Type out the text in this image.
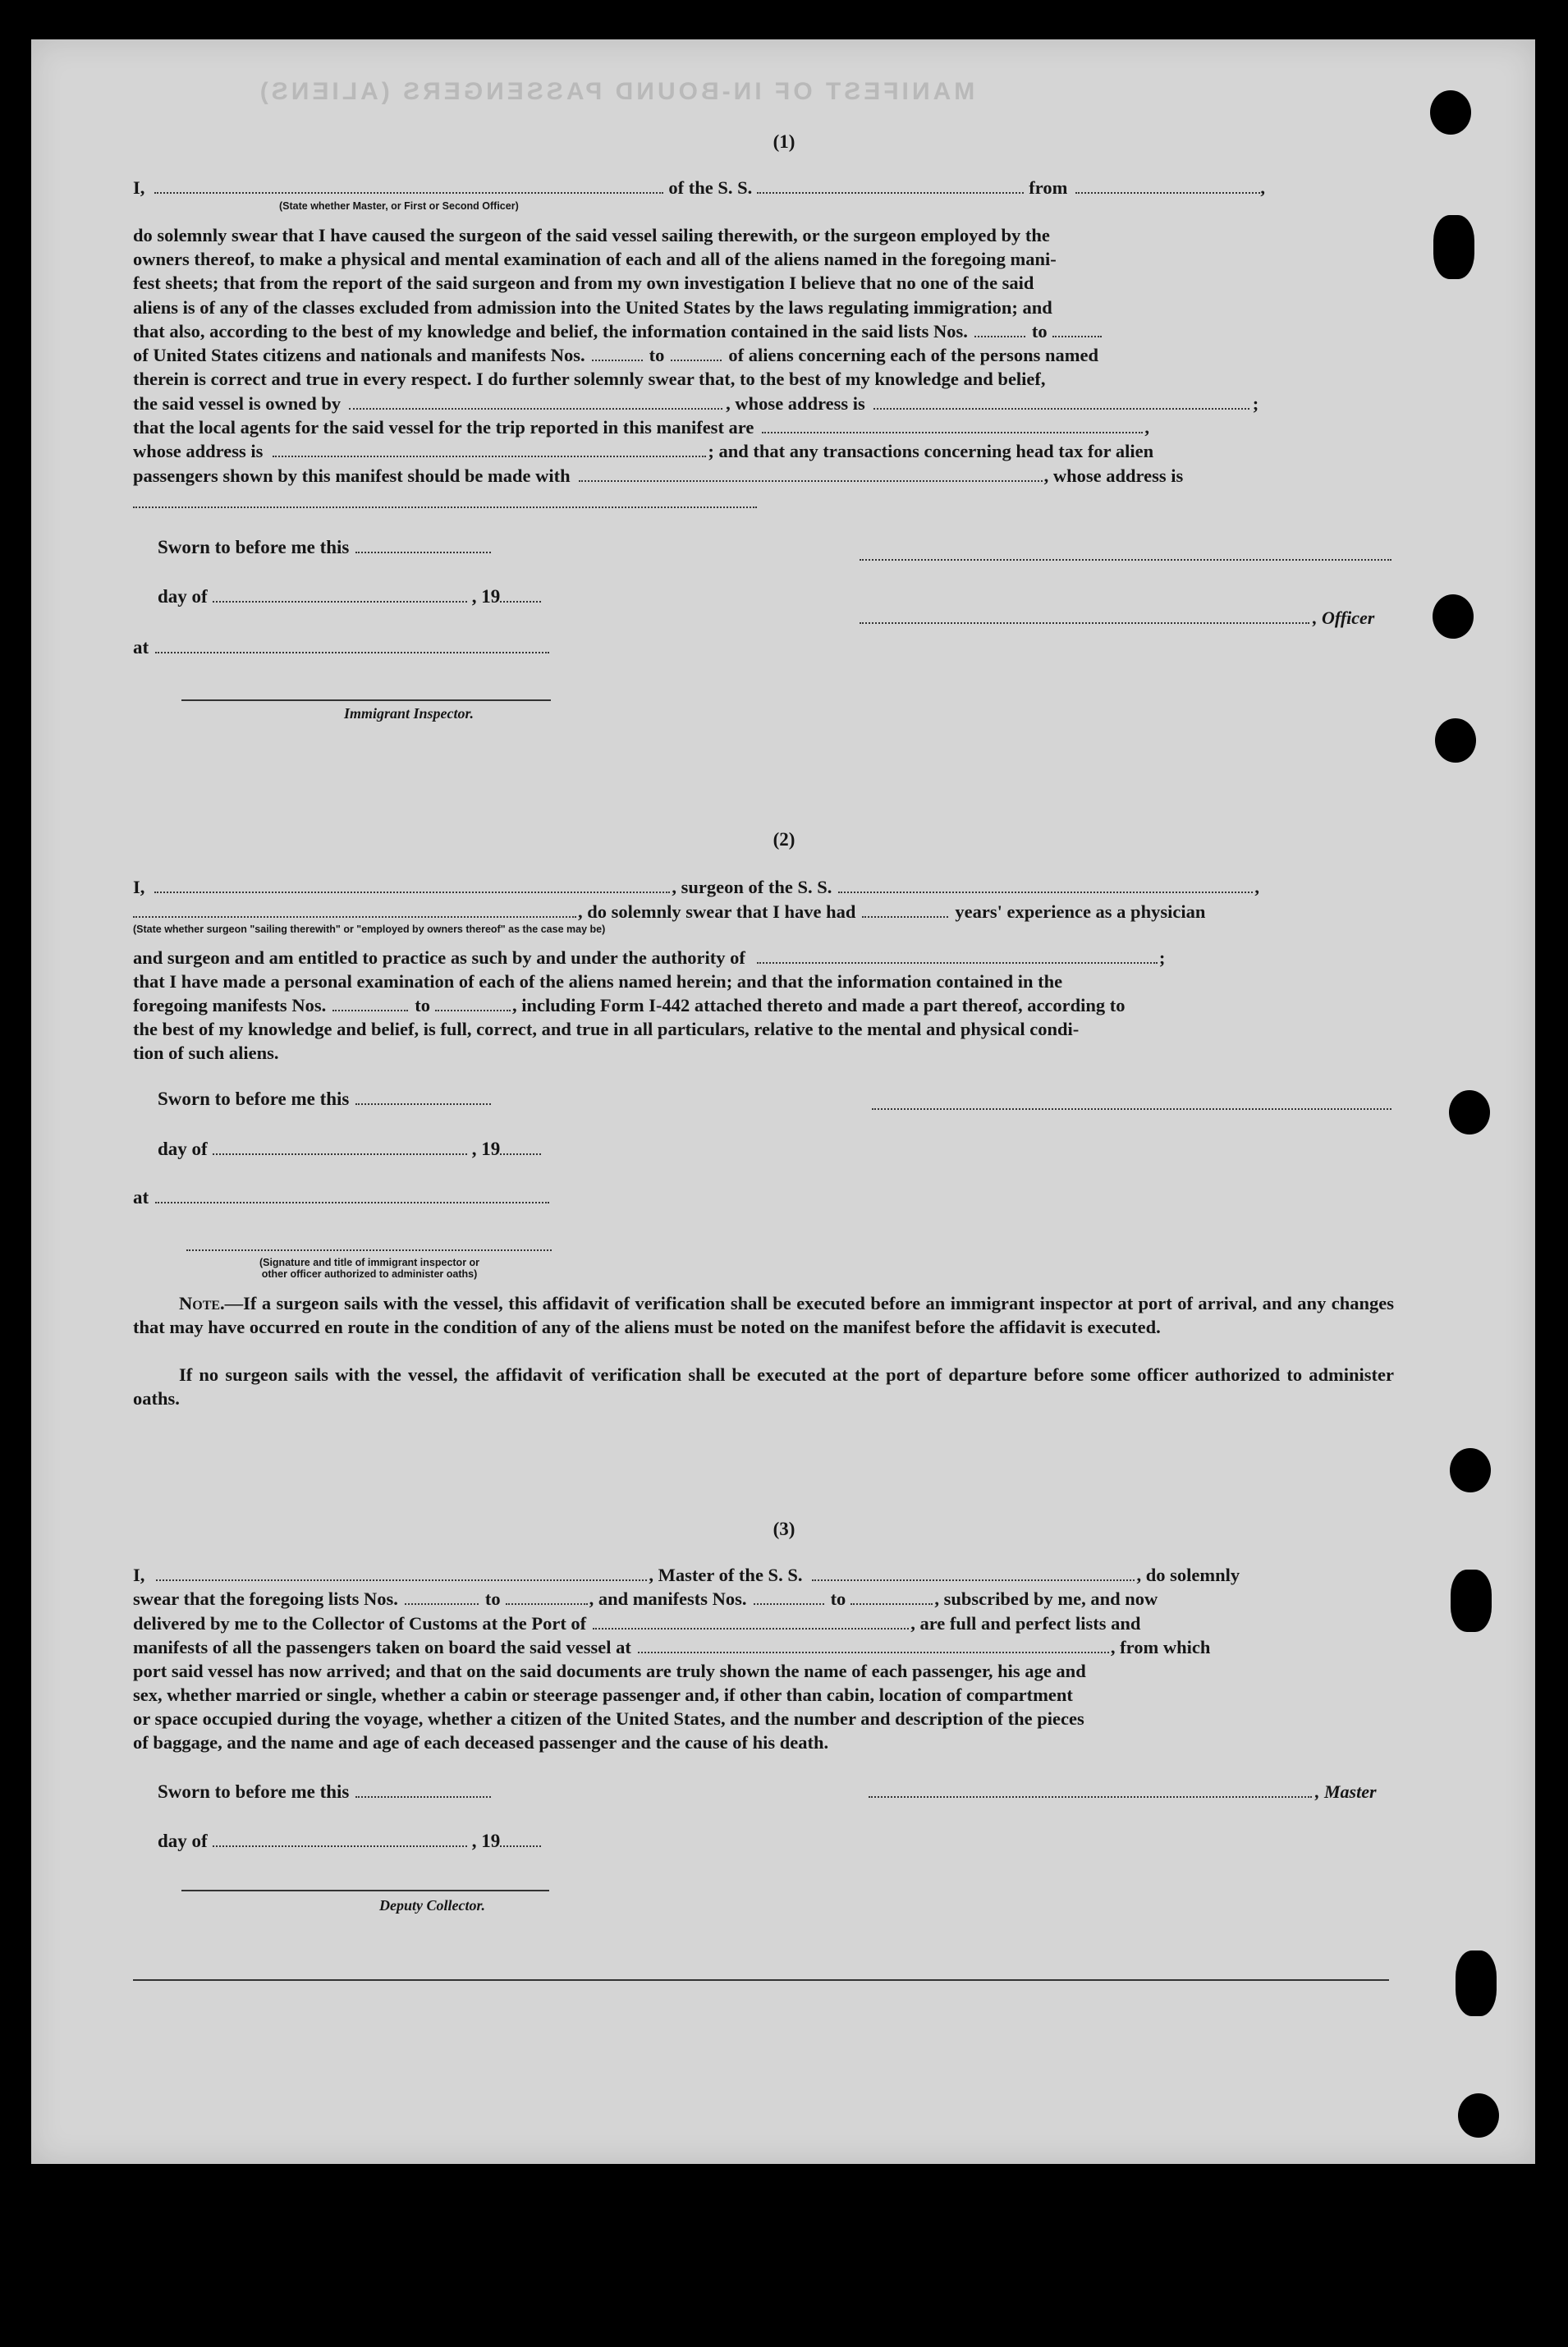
MANIFEST OF IN-BOUND PASSENGERS (ALIENS)
(1)
I,	of the S. S.	from	,
(State whether Master, or First or Second Officer)
do solemnly swear that I have caused the surgeon of the said vessel sailing therewith, or the surgeon employed by the
owners thereof, to make a physical and mental examination of each and all of the aliens named in the foregoing mani-
fest sheets; that from the report of the said surgeon and from my own investigation I believe that no one of the said
aliens is of any of the classes excluded from admission into the United States by the laws regulating immigration; and
that also, according to the best of my knowledge and belief, the information contained in the said lists Nos.	to
of United States citizens and nationals and manifests Nos.	to	of aliens concerning each of the persons named
therein is correct and true in every respect. I do further solemnly swear that, to the best of my knowledge and belief,
the said vessel is owned by	, whose address is	;
that the local agents for the said vessel for the trip reported in this manifest are	,
whose address is	; and that any transactions concerning head tax for alien
passengers shown by this manifest should be made with	, whose address is
Sworn to before me this
day of	, 19
, Officer
at
Immigrant Inspector.
(2)
I,	, surgeon of the S. S.	,
, do solemnly swear that I have had	years' experience as a physician
(State whether surgeon "sailing therewith" or "employed by owners thereof" as the case may be)
and surgeon and am entitled to practice as such by and under the authority of	;
that I have made a personal examination of each of the aliens named herein; and that the information contained in the
foregoing manifests Nos.	to	, including Form I-442 attached thereto and made a part thereof, according to
the best of my knowledge and belief, is full, correct, and true in all particulars, relative to the mental and physical condi-
tion of such aliens.
Sworn to before me this
day of	, 19
at
(Signature and title of immigrant inspector or
other officer authorized to administer oaths)
Note.—If a surgeon sails with the vessel, this affidavit of verification shall be executed before an immigrant inspector at port of arrival, and any changes that may have occurred en route in the condition of any of the aliens must be noted on the manifest before the affidavit is executed.
If no surgeon sails with the vessel, the affidavit of verification shall be executed at the port of departure before some officer authorized to administer oaths.
(3)
I,	, Master of the S. S.	, do solemnly
swear that the foregoing lists Nos.	to	, and manifests Nos.	to	, subscribed by me, and now
delivered by me to the Collector of Customs at the Port of	, are full and perfect lists and
manifests of all the passengers taken on board the said vessel at	, from which
port said vessel has now arrived; and that on the said documents are truly shown the name of each passenger, his age and
sex, whether married or single, whether a cabin or steerage passenger and, if other than cabin, location of compartment
or space occupied during the voyage, whether a citizen of the United States, and the number and description of the pieces
of baggage, and the name and age of each deceased passenger and the cause of his death.
Sworn to before me this	, Master
day of	, 19
Deputy Collector.
